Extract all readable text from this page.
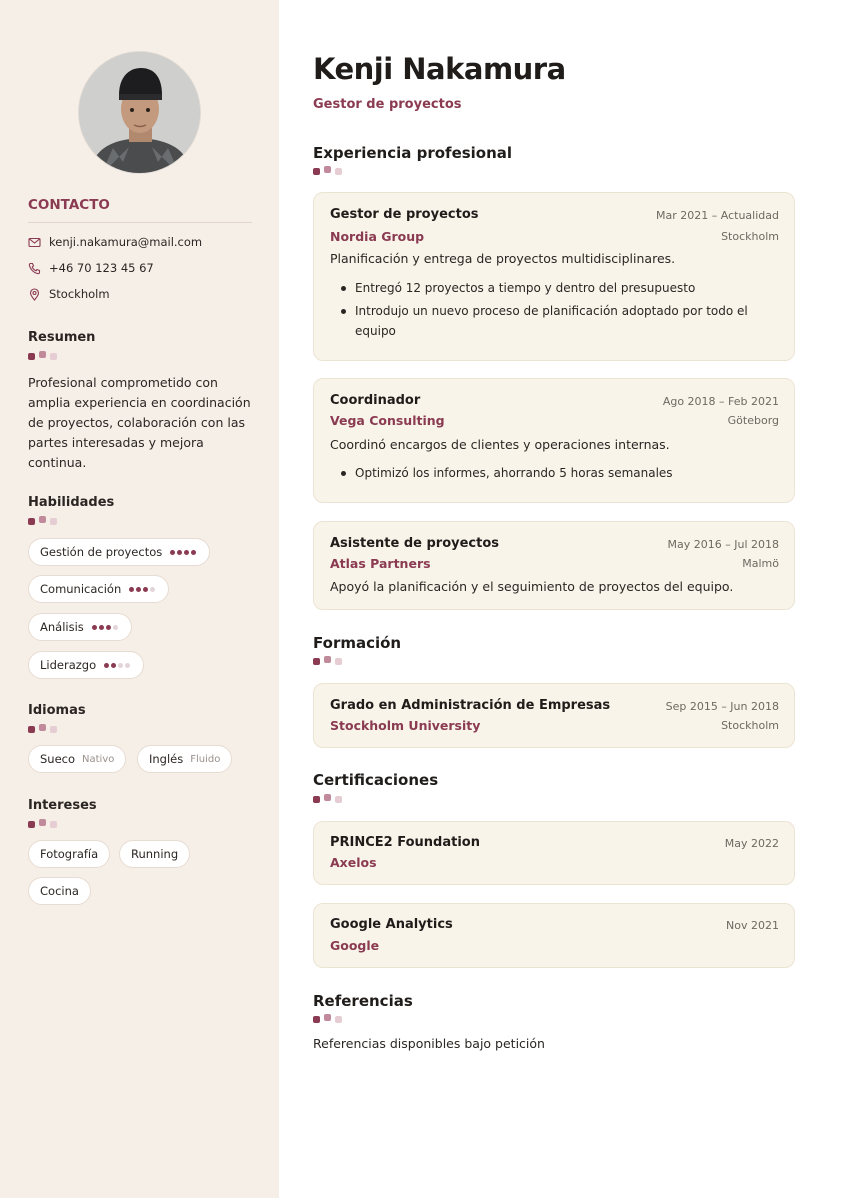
CONTACTO
kenji.nakamura@mail.com
+46 70 123 45 67
Stockholm
Resumen
Profesional comprometido con amplia experiencia en coordinación de proyectos, colaboración con las partes interesadas y mejora continua.
Habilidades
Gestión de proyectos
Comunicación
Análisis
Liderazgo
Idiomas
Sueco Nativo	Inglés Fluido
Intereses
Fotografía	Running
Cocina
Kenji Nakamura
Gestor de proyectos
Experiencia profesional
Gestor de proyectos	Mar 2021 – Actualidad
Nordia Group	Stockholm
Planificación y entrega de proyectos multidisciplinares.
Entregó 12 proyectos a tiempo y dentro del presupuesto
Introdujo un nuevo proceso de planificación adoptado por todo el equipo
Coordinador	Ago 2018 – Feb 2021
Vega Consulting	Göteborg
Coordinó encargos de clientes y operaciones internas.
Optimizó los informes, ahorrando 5 horas semanales
Asistente de proyectos	May 2016 – Jul 2018
Atlas Partners	Malmö
Apoyó la planificación y el seguimiento de proyectos del equipo.
Formación
Grado en Administración de Empresas	Sep 2015 – Jun 2018
Stockholm University	Stockholm
Certificaciones
PRINCE2 Foundation	May 2022
Axelos
Google Analytics	Nov 2021
Google
Referencias
Referencias disponibles bajo petición
